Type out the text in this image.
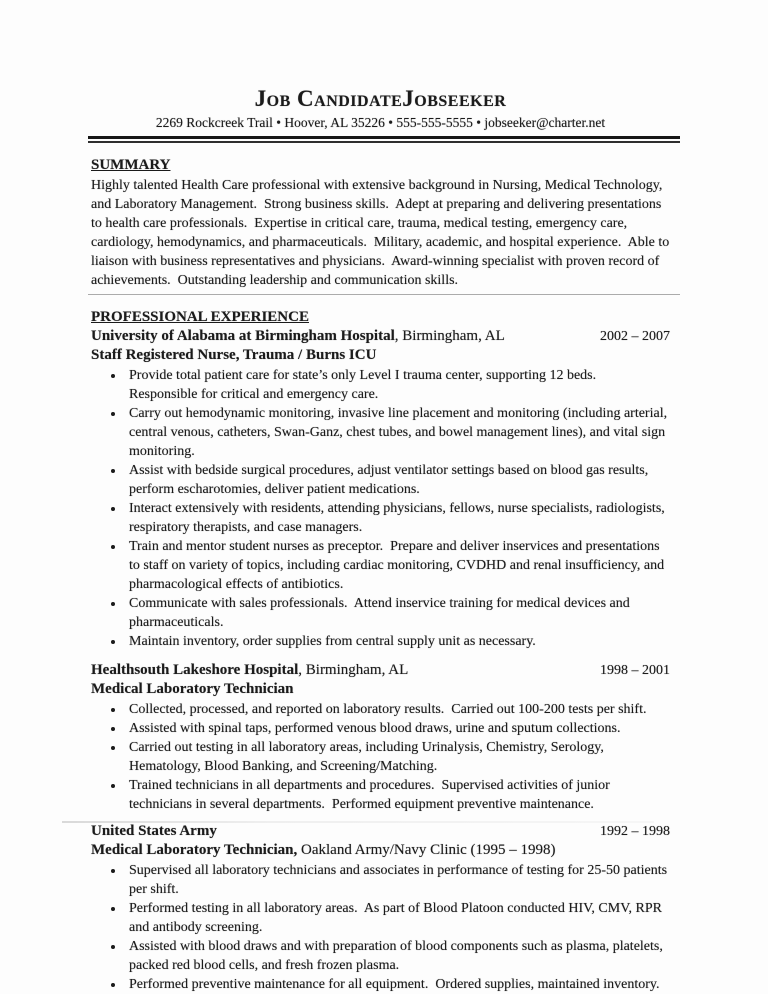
Job CandidateJobseeker
2269 Rockcreek Trail • Hoover, AL 35226 • 555-555-5555 • jobseeker@charter.net
SUMMARY

Highly talented Health Care professional with extensive background in Nursing, Medical Technology, and Laboratory Management.  Strong business skills.  Adept at preparing and delivering presentations to health care professionals.  Expertise in critical care, trauma, medical testing, emergency care, cardiology, hemodynamics, and pharmaceuticals.  Military, academic, and hospital experience.  Able to liaison with business representatives and physicians.  Award-winning specialist with proven record of achievements.  Outstanding leadership and communication skills.

PROFESSIONAL EXPERIENCE
University of Alabama at Birmingham Hospital, Birmingham, AL	2002 – 2007
Staff Registered Nurse, Trauma / Burns ICU
• Provide total patient care for state’s only Level I trauma center, supporting 12 beds.  Responsible for critical and emergency care.
• Carry out hemodynamic monitoring, invasive line placement and monitoring (including arterial, central venous, catheters, Swan-Ganz, chest tubes, and bowel management lines), and vital sign monitoring.
• Assist with bedside surgical procedures, adjust ventilator settings based on blood gas results, perform escharotomies, deliver patient medications.
• Interact extensively with residents, attending physicians, fellows, nurse specialists, radiologists, respiratory therapists, and case managers.
• Train and mentor student nurses as preceptor.  Prepare and deliver inservices and presentations to staff on variety of topics, including cardiac monitoring, CVDHD and renal insufficiency, and pharmacological effects of antibiotics.
• Communicate with sales professionals.  Attend inservice training for medical devices and pharmaceuticals.
• Maintain inventory, order supplies from central supply unit as necessary.
Healthsouth Lakeshore Hospital, Birmingham, AL	1998 – 2001
Medical Laboratory Technician
• Collected, processed, and reported on laboratory results.  Carried out 100-200 tests per shift.
• Assisted with spinal taps, performed venous blood draws, urine and sputum collections.
• Carried out testing in all laboratory areas, including Urinalysis, Chemistry, Serology, Hematology, Blood Banking, and Screening/Matching.
• Trained technicians in all departments and procedures.  Supervised activities of junior technicians in several departments.  Performed equipment preventive maintenance.
United States Army	1992 – 1998
Medical Laboratory Technician, Oakland Army/Navy Clinic (1995 – 1998)
• Supervised all laboratory technicians and associates in performance of testing for 25-50 patients per shift.
• Performed testing in all laboratory areas.  As part of Blood Platoon conducted HIV, CMV, RPR and antibody screening.
• Assisted with blood draws and with preparation of blood components such as plasma, platelets, packed red blood cells, and fresh frozen plasma.
• Performed preventive maintenance for all equipment.  Ordered supplies, maintained inventory.
